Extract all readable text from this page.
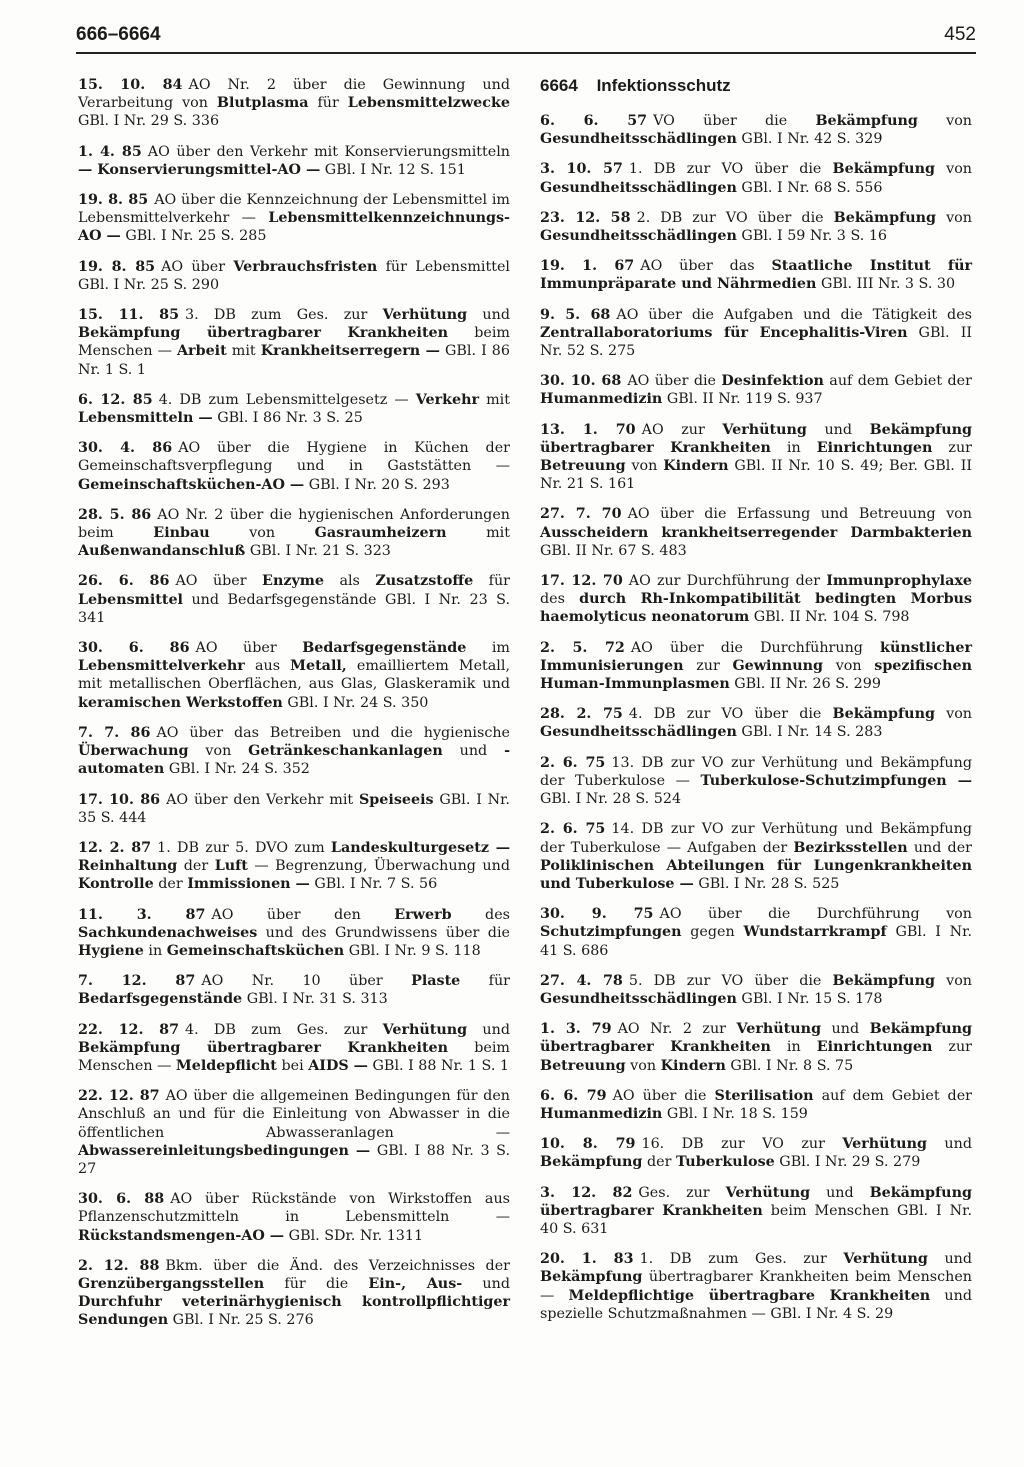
666–6664	452

15. 10. 84 AO Nr. 2 über die Gewinnung und Verarbeitung von Blutplasma für Lebensmittelzwecke GBl. I Nr. 29 S. 336

1. 4. 85 AO über den Verkehr mit Konservierungsmitteln — Konservierungsmittel-AO — GBl. I Nr. 12 S. 151

19. 8. 85 AO über die Kennzeichnung der Lebensmittel im Lebensmittelverkehr — Lebensmittelkennzeichnungs-AO — GBl. I Nr. 25 S. 285

19. 8. 85 AO über Verbrauchsfristen für Lebensmittel GBl. I Nr. 25 S. 290

15. 11. 85 3. DB zum Ges. zur Verhütung und Bekämpfung übertragbarer Krankheiten beim Menschen — Arbeit mit Krankheitserregern — GBl. I 86 Nr. 1 S. 1

6. 12. 85 4. DB zum Lebensmittelgesetz — Verkehr mit Lebensmitteln — GBl. I 86 Nr. 3 S. 25

30. 4. 86 AO über die Hygiene in Küchen der Gemeinschaftsverpflegung und in Gaststätten — Gemeinschaftsküchen-AO — GBl. I Nr. 20 S. 293

28. 5. 86 AO Nr. 2 über die hygienischen Anforderungen beim Einbau von Gasraumheizern mit Außenwandanschluß GBl. I Nr. 21 S. 323

26. 6. 86 AO über Enzyme als Zusatzstoffe für Lebensmittel und Bedarfsgegenstände GBl. I Nr. 23 S. 341

30. 6. 86 AO über Bedarfsgegenstände im Lebensmittelverkehr aus Metall, emailliertem Metall, mit metallischen Oberflächen, aus Glas, Glaskeramik und keramischen Werkstoffen GBl. I Nr. 24 S. 350

7. 7. 86 AO über das Betreiben und die hygienische Überwachung von Getränkeschankanlagen und -automaten GBl. I Nr. 24 S. 352

17. 10. 86 AO über den Verkehr mit Speiseeis GBl. I Nr. 35 S. 444

12. 2. 87 1. DB zur 5. DVO zum Landeskulturgesetz — Reinhaltung der Luft — Begrenzung, Überwachung und Kontrolle der Immissionen — GBl. I Nr. 7 S. 56

11. 3. 87 AO über den Erwerb des Sachkundenachweises und des Grundwissens über die Hygiene in Gemeinschaftsküchen GBl. I Nr. 9 S. 118

7. 12. 87 AO Nr. 10 über Plaste für Bedarfsgegenstände GBl. I Nr. 31 S. 313

22. 12. 87 4. DB zum Ges. zur Verhütung und Bekämpfung übertragbarer Krankheiten beim Menschen — Meldepflicht bei AIDS — GBl. I 88 Nr. 1 S. 1

22. 12. 87 AO über die allgemeinen Bedingungen für den Anschluß an und für die Einleitung von Abwasser in die öffentlichen Abwasseranlagen — Abwassereinleitungsbedingungen — GBl. I 88 Nr. 3 S. 27

30. 6. 88 AO über Rückstände von Wirkstoffen aus Pflanzenschutzmitteln in Lebensmitteln — Rückstandsmengen-AO — GBl. SDr. Nr. 1311

2. 12. 88 Bkm. über die Änd. des Verzeichnisses der Grenzübergangsstellen für die Ein-, Aus- und Durchfuhr veterinärhygienisch kontrollpflichtiger Sendungen GBl. I Nr. 25 S. 276

6664 Infektionsschutz

6. 6. 57 VO über die Bekämpfung von Gesundheitsschädlingen GBl. I Nr. 42 S. 329

3. 10. 57 1. DB zur VO über die Bekämpfung von Gesundheitsschädlingen GBl. I Nr. 68 S. 556

23. 12. 58 2. DB zur VO über die Bekämpfung von Gesundheitsschädlingen GBl. I 59 Nr. 3 S. 16

19. 1. 67 AO über das Staatliche Institut für Immunpräparate und Nährmedien GBl. III Nr. 3 S. 30

9. 5. 68 AO über die Aufgaben und die Tätigkeit des Zentrallaboratoriums für Encephalitis-Viren GBl. II Nr. 52 S. 275

30. 10. 68 AO über die Desinfektion auf dem Gebiet der Humanmedizin GBl. II Nr. 119 S. 937

13. 1. 70 AO zur Verhütung und Bekämpfung übertragbarer Krankheiten in Einrichtungen zur Betreuung von Kindern GBl. II Nr. 10 S. 49; Ber. GBl. II Nr. 21 S. 161

27. 7. 70 AO über die Erfassung und Betreuung von Ausscheidern krankheitserregender Darmbakterien GBl. II Nr. 67 S. 483

17. 12. 70 AO zur Durchführung der Immunprophylaxe des durch Rh-Inkompatibilität bedingten Morbus haemolyticus neonatorum GBl. II Nr. 104 S. 798

2. 5. 72 AO über die Durchführung künstlicher Immunisierungen zur Gewinnung von spezifischen Human-Immunplasmen GBl. II Nr. 26 S. 299

28. 2. 75 4. DB zur VO über die Bekämpfung von Gesundheitsschädlingen GBl. I Nr. 14 S. 283

2. 6. 75 13. DB zur VO zur Verhütung und Bekämpfung der Tuberkulose — Tuberkulose-Schutzimpfungen — GBl. I Nr. 28 S. 524

2. 6. 75 14. DB zur VO zur Verhütung und Bekämpfung der Tuberkulose — Aufgaben der Bezirksstellen und der Poliklinischen Abteilungen für Lungenkrankheiten und Tuberkulose — GBl. I Nr. 28 S. 525

30. 9. 75 AO über die Durchführung von Schutzimpfungen gegen Wundstarrkrampf GBl. I Nr. 41 S. 686

27. 4. 78 5. DB zur VO über die Bekämpfung von Gesundheitsschädlingen GBl. I Nr. 15 S. 178

1. 3. 79 AO Nr. 2 zur Verhütung und Bekämpfung übertragbarer Krankheiten in Einrichtungen zur Betreuung von Kindern GBl. I Nr. 8 S. 75

6. 6. 79 AO über die Sterilisation auf dem Gebiet der Humanmedizin GBl. I Nr. 18 S. 159

10. 8. 79 16. DB zur VO zur Verhütung und Bekämpfung der Tuberkulose GBl. I Nr. 29 S. 279

3. 12. 82 Ges. zur Verhütung und Bekämpfung übertragbarer Krankheiten beim Menschen GBl. I Nr. 40 S. 631

20. 1. 83 1. DB zum Ges. zur Verhütung und Bekämpfung übertragbarer Krankheiten beim Menschen — Meldepflichtige übertragbare Krankheiten und spezielle Schutzmaßnahmen — GBl. I Nr. 4 S. 29
